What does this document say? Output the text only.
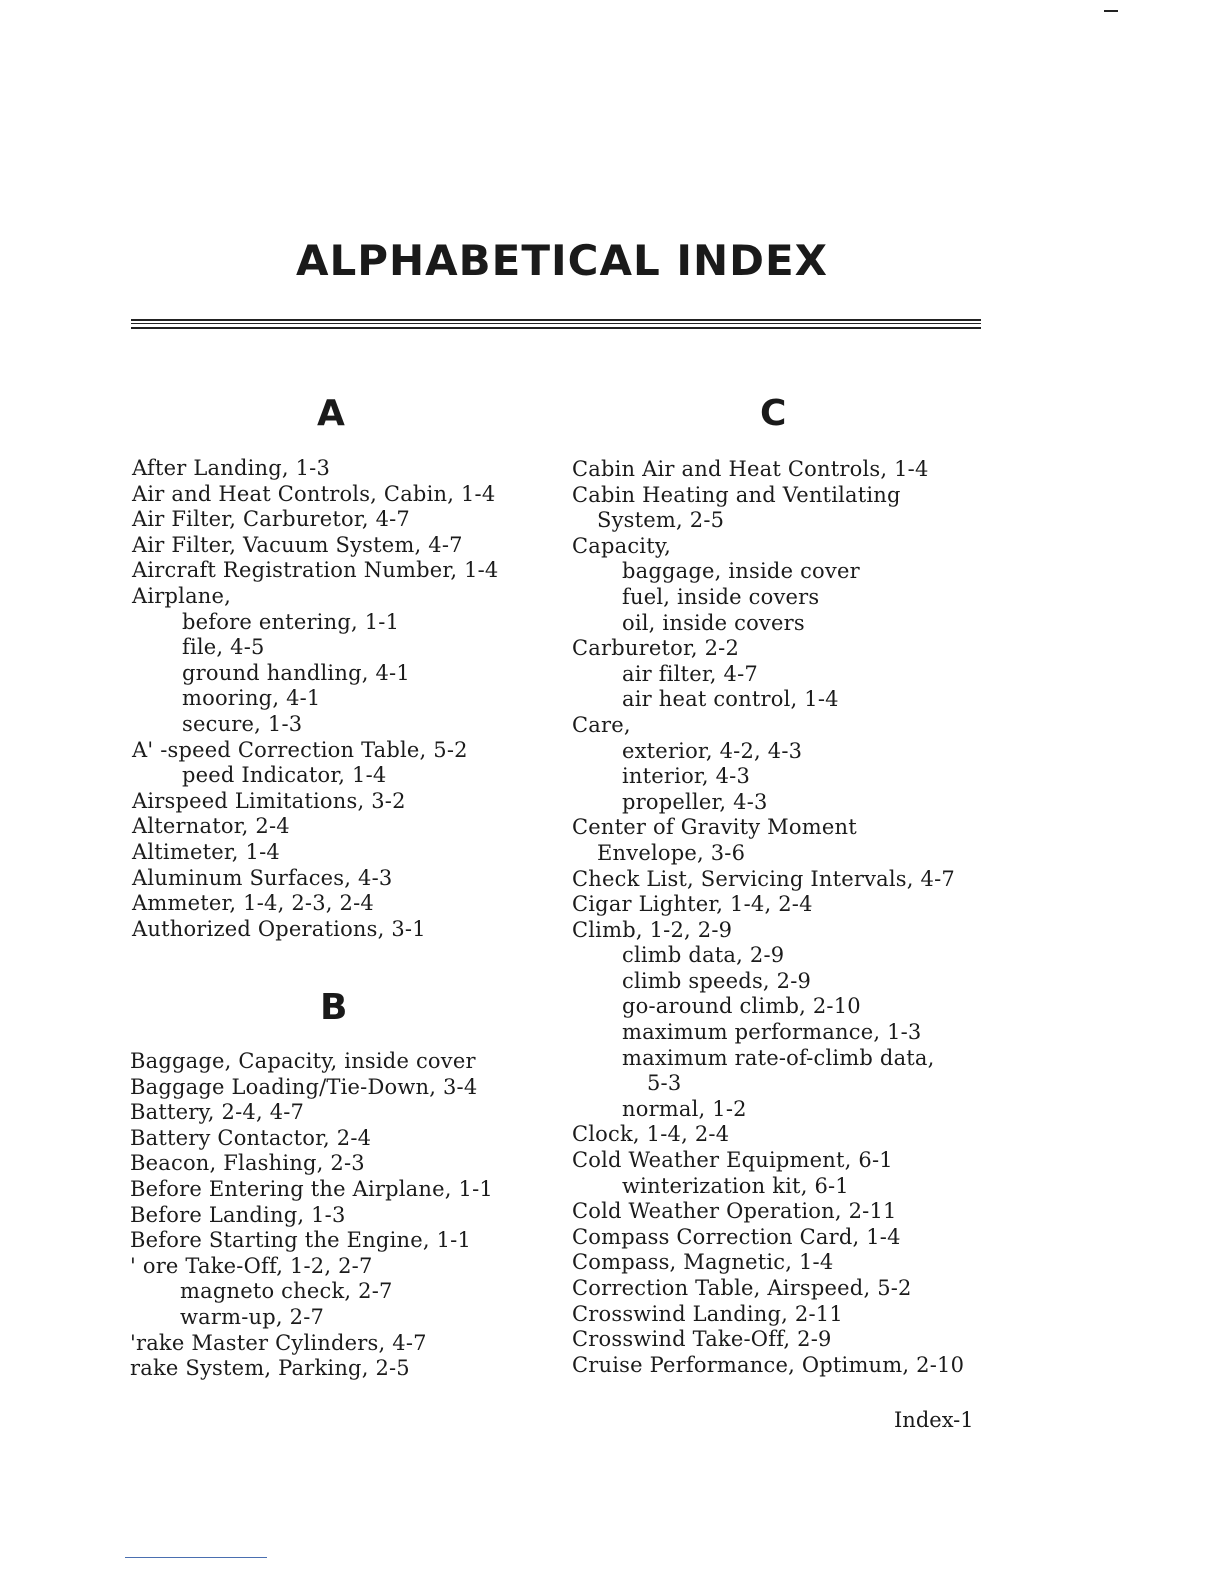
ALPHABETICAL INDEX
A
After Landing, 1-3
Air and Heat Controls, Cabin, 1-4
Air Filter, Carburetor, 4-7
Air Filter, Vacuum System, 4-7
Aircraft Registration Number, 1-4
Airplane,
before entering, 1-1
file, 4-5
ground handling, 4-1
mooring, 4-1
secure, 1-3
A' -speed Correction Table, 5-2
peed Indicator, 1-4
Airspeed Limitations, 3-2
Alternator, 2-4
Altimeter, 1-4
Aluminum Surfaces, 4-3
Ammeter, 1-4, 2-3, 2-4
Authorized Operations, 3-1
B
Baggage, Capacity, inside cover
Baggage Loading/Tie-Down, 3-4
Battery, 2-4, 4-7
Battery Contactor, 2-4
Beacon, Flashing, 2-3
Before Entering the Airplane, 1-1
Before Landing, 1-3
Before Starting the Engine, 1-1
' ore Take-Off, 1-2, 2-7
magneto check, 2-7
warm-up, 2-7
'rake Master Cylinders, 4-7
rake System, Parking, 2-5
C
Cabin Air and Heat Controls, 1-4
Cabin Heating and Ventilating
System, 2-5
Capacity,
baggage, inside cover
fuel, inside covers
oil, inside covers
Carburetor, 2-2
air filter, 4-7
air heat control, 1-4
Care,
exterior, 4-2, 4-3
interior, 4-3
propeller, 4-3
Center of Gravity Moment
Envelope, 3-6
Check List, Servicing Intervals, 4-7
Cigar Lighter, 1-4, 2-4
Climb, 1-2, 2-9
climb data, 2-9
climb speeds, 2-9
go-around climb, 2-10
maximum performance, 1-3
maximum rate-of-climb data,
5-3
normal, 1-2
Clock, 1-4, 2-4
Cold Weather Equipment, 6-1
winterization kit, 6-1
Cold Weather Operation, 2-11
Compass Correction Card, 1-4
Compass, Magnetic, 1-4
Correction Table, Airspeed, 5-2
Crosswind Landing, 2-11
Crosswind Take-Off, 2-9
Cruise Performance, Optimum, 2-10
Index-1
